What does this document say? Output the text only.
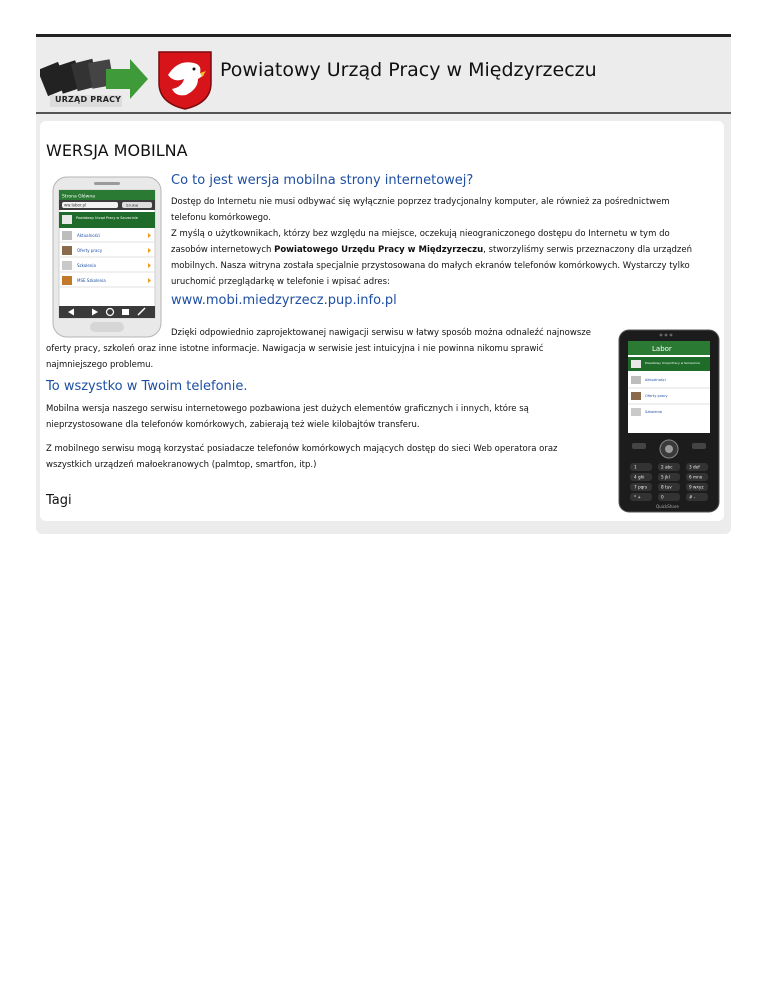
URZĄD PRACY
Powiatowy Urząd Pracy w Międzyrzeczu
WERSJA MOBILNA
Strona Główna
ww.labor.pl	Szukaj
Powiatowy Urząd Pracy w Szczecinie
Aktualności
Oferty pracy
Szkolenia
MSE Szkolenia
Co to jest wersja mobilna strony internetowej?

Dostęp do Internetu nie musi odbywać się wyłącznie poprzez tradycjonalny komputer, ale również za pośrednictwem telefonu komórkowego.

Z myślą o użytkownikach, którzy bez względu na miejsce, oczekują nieograniczonego dostępu do Internetu w tym do zasobów internetowych Powiatowego Urzędu Pracy w Międzyrzeczu, stworzyliśmy serwis przeznaczony dla urządzeń mobilnych. Nasza witryna została specjalnie przystosowana do małych ekranów telefonów komórkowych. Wystarczy tylko uruchomić przeglądarkę w telefonie i wpisać adres:

www.mobi.miedzyrzecz.pup.info.pl

Dzięki odpowiednio zaprojektowanej nawigacji serwisu w łatwy sposób można odnaleźć najnowsze oferty pracy, szkoleń oraz inne istotne informacje. Nawigacja w serwisie jest intuicyjna i nie powinna nikomu sprawić najmniejszego problemu.

To wszystko w Twoim telefonie.

Mobilna wersja naszego serwisu internetowego pozbawiona jest dużych elementów graficznych i innych, które są nieprzystosowane dla telefonów komórkowych, zabierają też wiele kilobajtów transferu.

Z mobilnego serwisu mogą korzystać posiadacze telefonów komórkowych mających dostęp do sieci Web operatora oraz wszystkich urządzeń małoekranowych (palmtop, smartfon, itp.)

Labor
Powiatowy Urząd Pracy w Szczecinie
Aktualności
Oferty pracy
Szkolenia
1	2 abc	3 def
4 ghi	5 jkl	6 mno
7 pqrs	8 tuv	9 wxyz
* +	0	# -
QuickShare
Tagi
